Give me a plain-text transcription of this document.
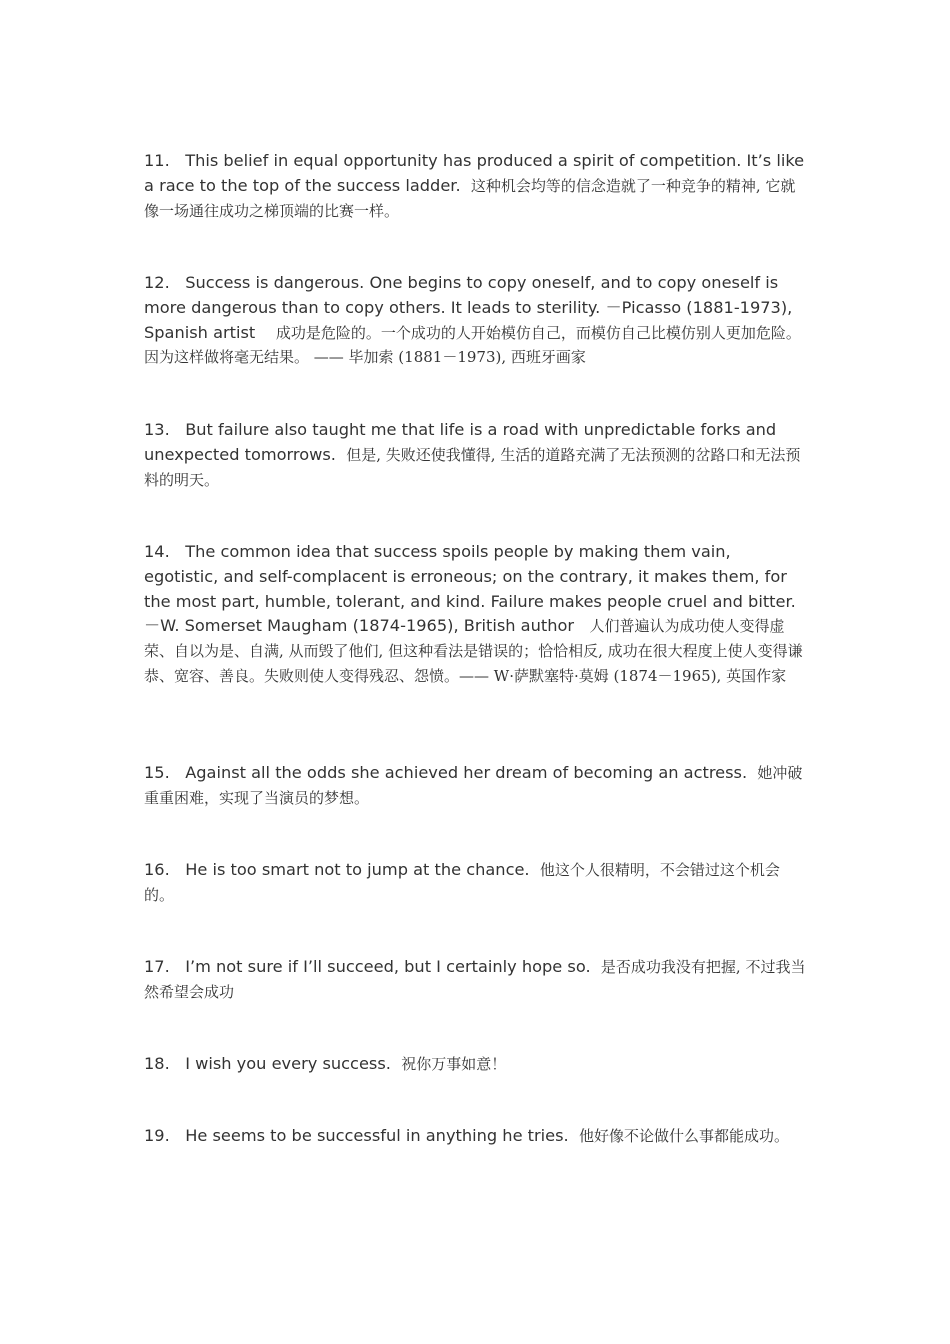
11. This belief in equal opportunity has produced a spirit of competition. It’s like a race to the top of the success ladder. 这种机会均等的信念造就了一种竞争的精神, 它就像一场通往成功之梯顶端的比赛一样。

12. Success is dangerous. One begins to copy oneself, and to copy oneself is more dangerous than to copy others. It leads to sterility. －Picasso (1881-1973), Spanish artist 成功是危险的。一个成功的人开始模仿自己，而模仿自己比模仿别人更加危险。因为这样做将毫无结果。 —— 毕加索 (1881－1973), 西班牙画家

13. But failure also taught me that life is a road with unpredictable forks and unexpected tomorrows. 但是, 失败还使我懂得, 生活的道路充满了无法预测的岔路口和无法预料的明天。

14. The common idea that success spoils people by making them vain, egotistic, and self-complacent is erroneous; on the contrary, it makes them, for the most part, humble, tolerant, and kind. Failure makes people cruel and bitter. －W. Somerset Maugham (1874-1965), British author 人们普遍认为成功使人变得虚荣、自以为是、自满, 从而毁了他们, 但这种看法是错误的；恰恰相反, 成功在很大程度上使人变得谦恭、宽容、善良。失败则使人变得残忍、怨愤。—— W·萨默塞特·莫姆 (1874－1965), 英国作家

15. Against all the odds she achieved her dream of becoming an actress. 她冲破重重困难，实现了当演员的梦想。

16. He is too smart not to jump at the chance. 他这个人很精明，不会错过这个机会的。

17. I’m not sure if I’ll succeed, but I certainly hope so. 是否成功我没有把握, 不过我当然希望会成功

18. I wish you every success. 祝你万事如意！

19. He seems to be successful in anything he tries. 他好像不论做什么事都能成功。
